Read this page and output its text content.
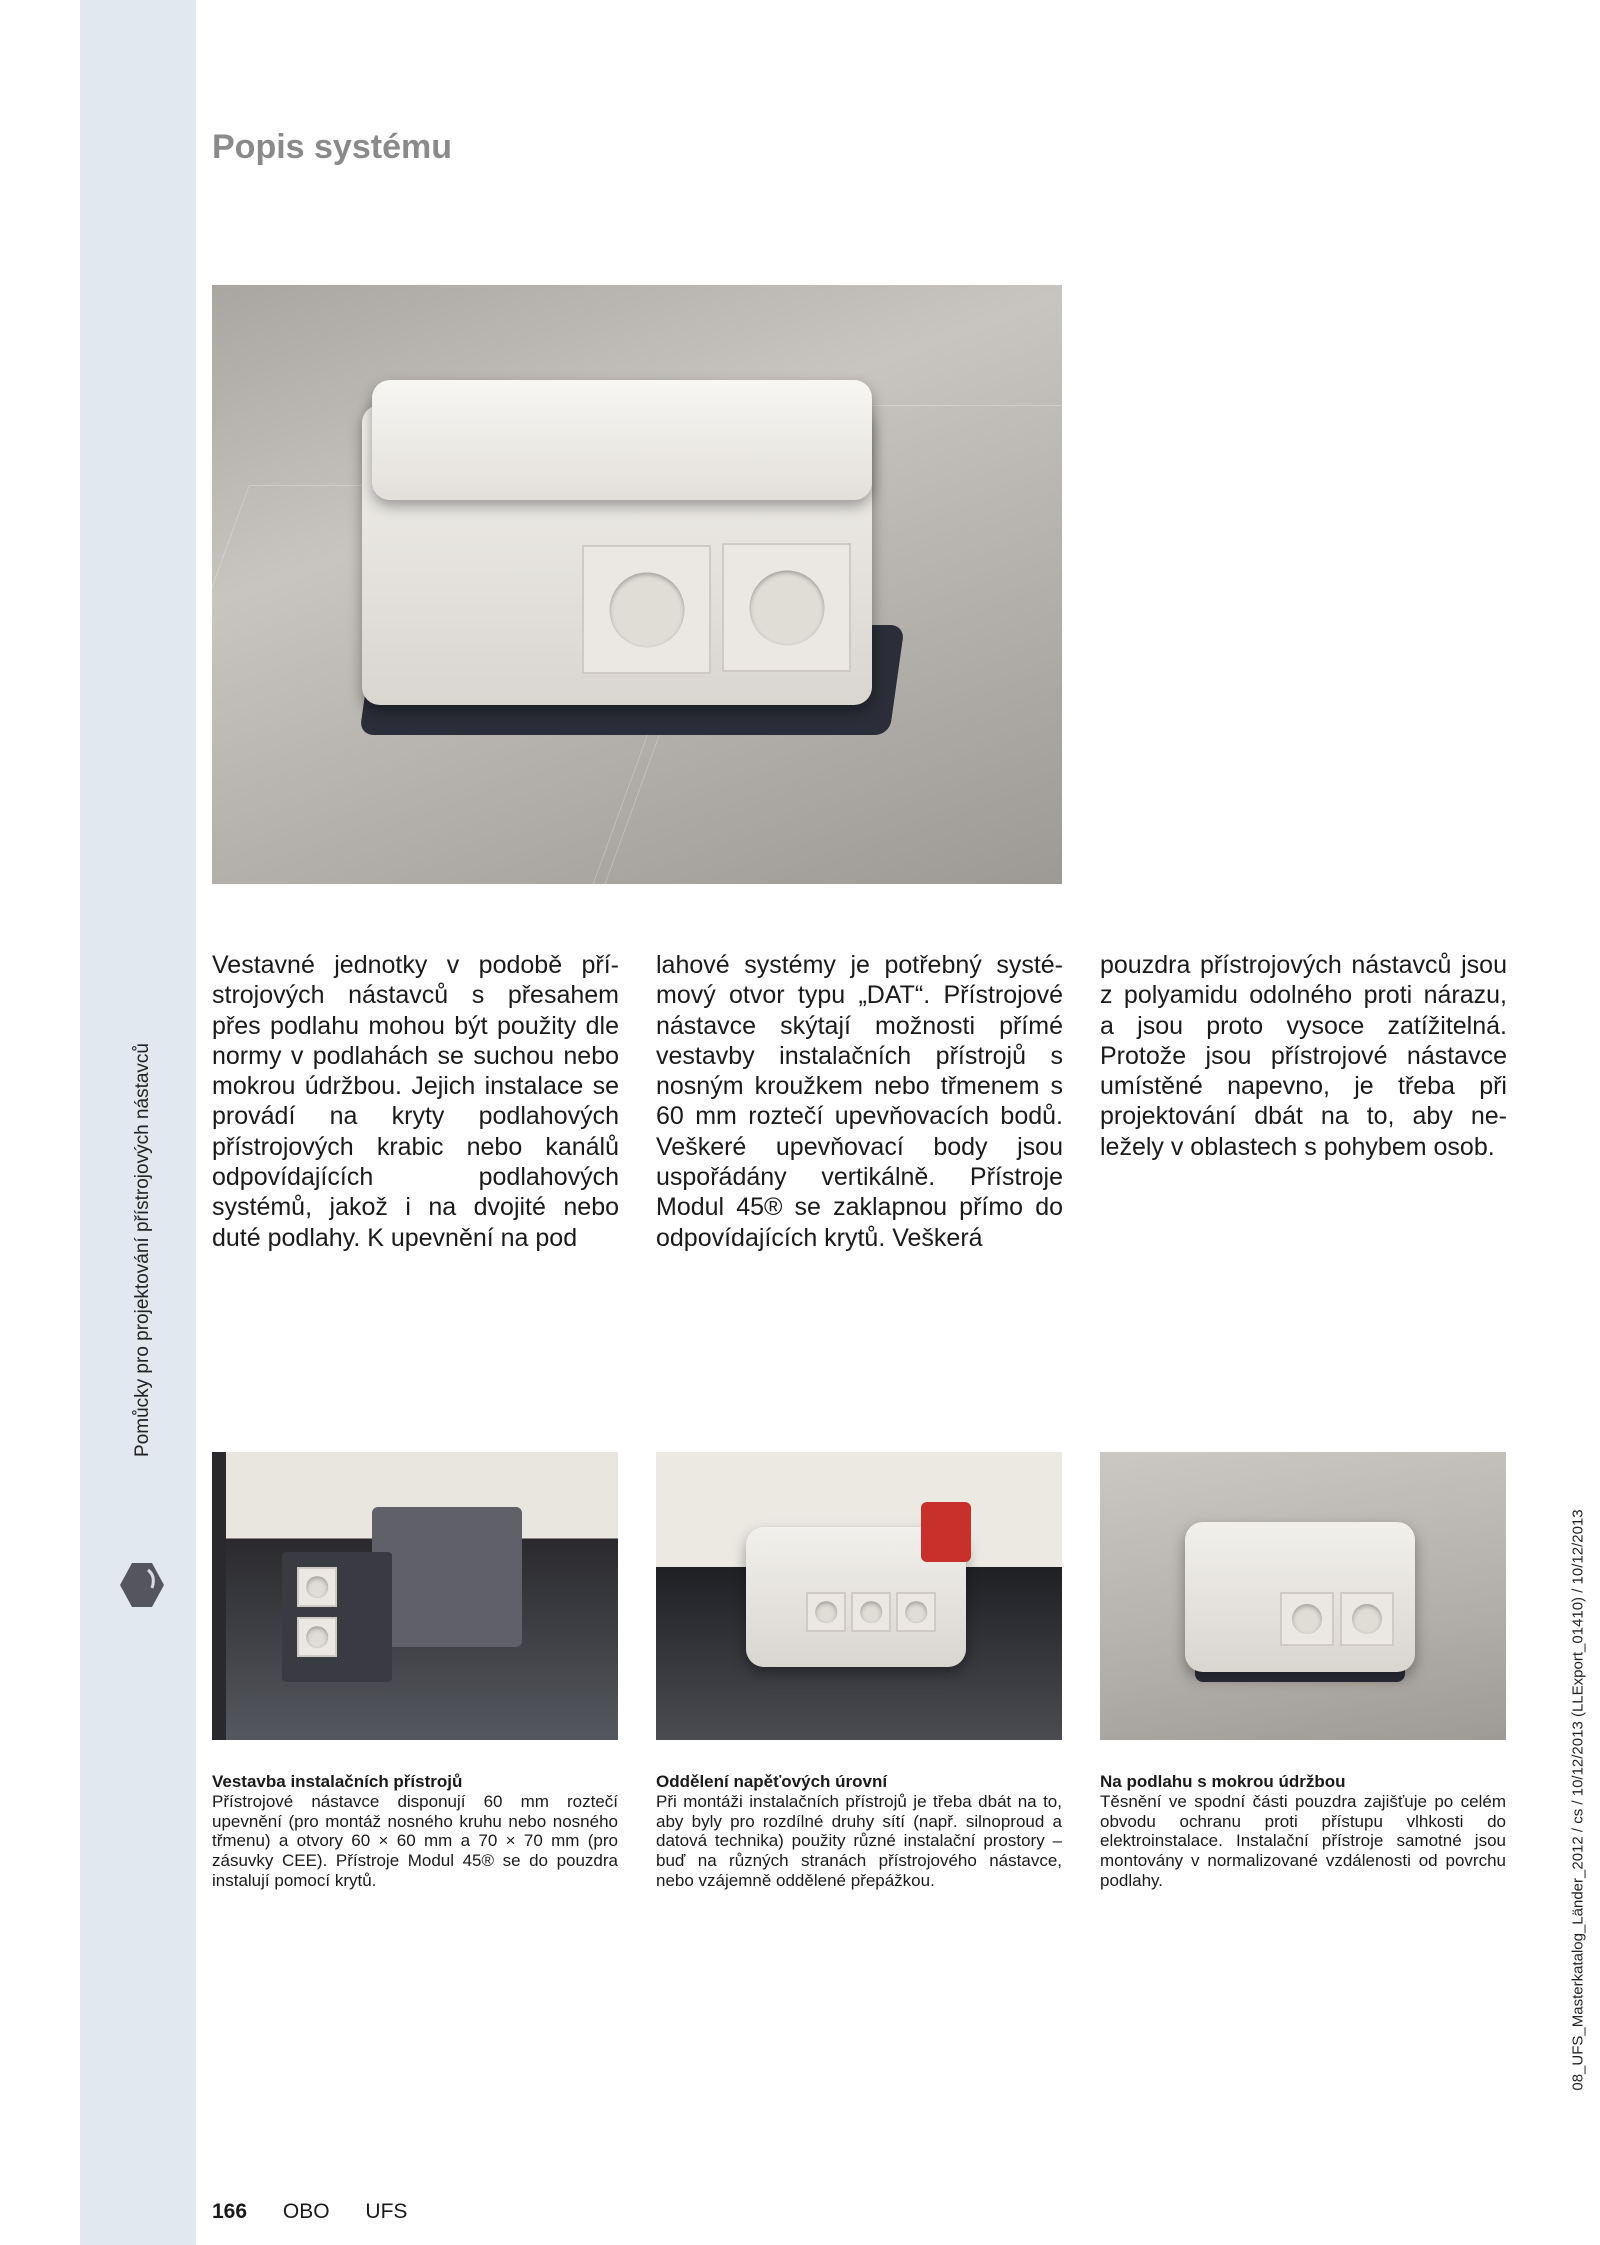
Pomůcky pro projektování přístrojových nástavců
Popis systému
Vestavné jednotky v podobě přístrojových nástavců s přesahem přes podlahu mohou být použity dle normy v podlahách se suchou nebo mokrou údržbou. Jejich instalace se provádí na kryty podlahových přístrojových krabic nebo kanálů odpovídajících podlahových systémů, jakož i na dvojité nebo duté podlahy. K upevnění na pod
lahové systémy je potřebný systémový otvor typu „DAT“. Přístrojové nástavce skýtají možnosti přímé vestavby instalačních přístrojů s nosným kroužkem nebo třmenem s 60 mm roztečí upevňovacích bodů. Veškeré upevňovací body jsou uspořádány vertikálně. Přístroje Modul 45® se zaklapnou přímo do odpovídajících krytů. Veškerá
pouzdra přístrojových nástavců jsou z polyamidu odolného proti nárazu, a jsou proto vysoce zatížitelná. Protože jsou přístrojové nástavce umístěné napevno, je třeba při projektování dbát na to, aby neležely v oblastech s pohybem osob.
Vestavba instalačních přístrojů
Přístrojové nástavce disponují 60 mm roztečí upevnění (pro montáž nosného kruhu nebo nosného třmenu) a otvory 60 × 60 mm a 70 × 70 mm (pro zásuvky CEE). Přístroje Modul 45® se do pouzdra instalují pomocí krytů.
Oddělení napěťových úrovní
Při montáži instalačních přístrojů je třeba dbát na to, aby byly pro rozdílné druhy sítí (např. silnoproud a datová technika) použity různé instalační prostory – buď na různých stranách přístrojového nástavce, nebo vzájemně oddělené přepážkou.
Na podlahu s mokrou údržbou
Těsnění ve spodní části pouzdra zajišťuje po celém obvodu ochranu proti přístupu vlhkosti do elektroinstalace. Instalační přístroje samotné jsou montovány v normalizované vzdálenosti od povrchu podlahy.	08_UFS_Masterkatalog_Länder_2012 / cs / 10/12/2013 (LLExport_01410) / 10/12/2013
166 OBO UFS
